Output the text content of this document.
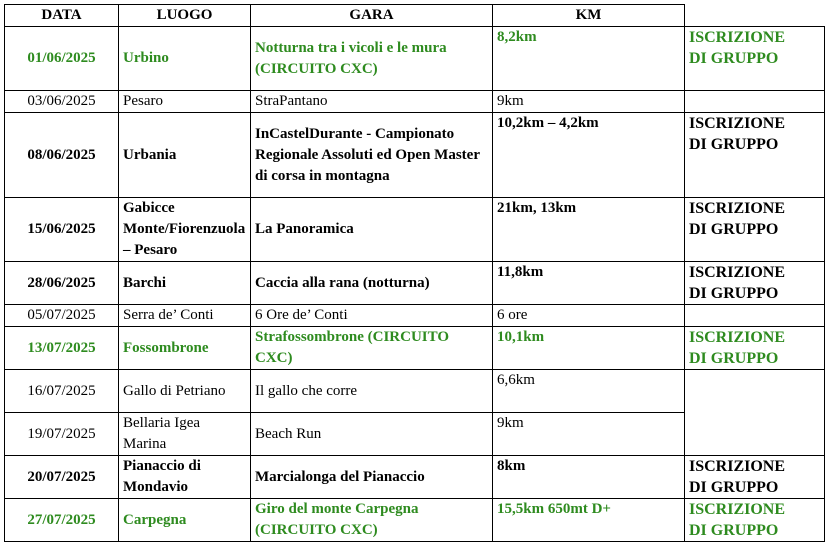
DATA	LUOGO	GARA	KM	
01/06/2025	Urbino	Notturna tra i vicoli e le mura (CIRCUITO CXC)	8,2km	ISCRIZIONE
DI GRUPPO

03/06/2025	Pesaro	StraPantano	9km	
08/06/2025	Urbania	InCastelDurante - Campionato Regionale Assoluti ed Open Master di corsa in montagna	10,2km – 4,2km	ISCRIZIONE
DI GRUPPO

15/06/2025	Gabicce Monte/Fiorenzuola – Pesaro	La Panoramica	21km, 13km	ISCRIZIONE
DI GRUPPO

28/06/2025	Barchi	Caccia alla rana (notturna)	11,8km	ISCRIZIONE
DI GRUPPO

05/07/2025	Serra de’ Conti	6 Ore de’ Conti	6 ore	
13/07/2025	Fossombrone	Strafossombrone (CIRCUITO CXC)	10,1km	ISCRIZIONE
DI GRUPPO

16/07/2025	Gallo di Petriano	Il gallo che corre	6,6km	
19/07/2025	Bellaria Igea Marina	Beach Run	9km	
20/07/2025	Pianaccio di Mondavio	Marcialonga del Pianaccio	8km	ISCRIZIONE
DI GRUPPO

27/07/2025	Carpegna	Giro del monte Carpegna (CIRCUITO CXC)	15,5km 650mt D+	ISCRIZIONE
DI GRUPPO
